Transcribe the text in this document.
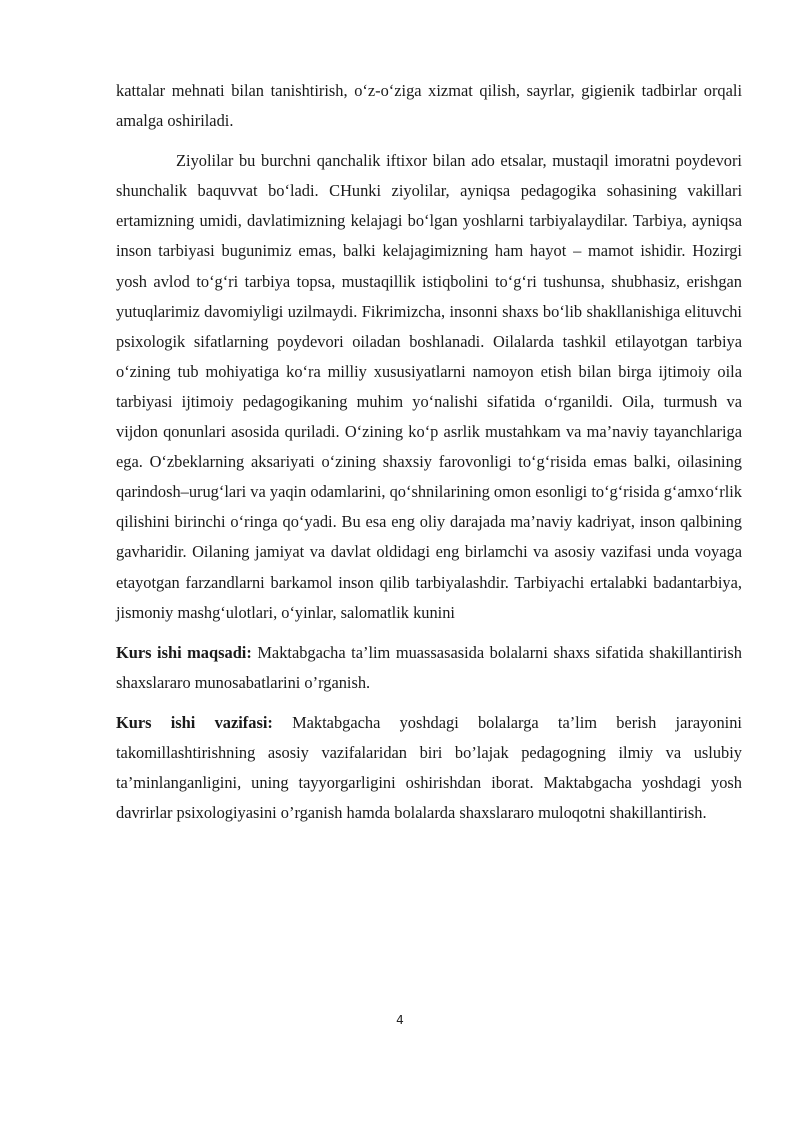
kattalar mehnati bilan tanishtirish, o‘z-o‘ziga xizmat qilish, sayrlar, gigienik tadbirlar orqali amalga oshiriladi.

Ziyolilar bu burchni qanchalik iftixor bilan ado etsalar, mustaqil imoratni poydevori shunchalik baquvvat bo‘ladi. CHunki ziyolilar, ayniqsa pedagogika sohasining vakillari ertamizning umidi, davlatimizning kelajagi bo‘lgan yoshlarni tarbiyalaydilar. Tarbiya, ayniqsa inson tarbiyasi bugunimiz emas, balki kelajagimizning ham hayot – mamot ishidir. Hozirgi yosh avlod to‘g‘ri tarbiya topsa, mustaqillik istiqbolini to‘g‘ri tushunsa, shubhasiz, erishgan yutuqlarimiz davomiyligi uzilmaydi. Fikrimizcha, insonni shaxs bo‘lib shakllanishiga elituvchi psixologik sifatlarning poydevori oiladan boshlanadi. Oilalarda tashkil etilayotgan tarbiya o‘zining tub mohiyatiga ko‘ra milliy xususiyatlarni namoyon etish bilan birga ijtimoiy oila tarbiyasi ijtimoiy pedagogikaning muhim yo‘nalishi sifatida o‘rganildi. Oila, turmush va vijdon qonunlari asosida quriladi. O‘zining ko‘p asrlik mustahkam va ma’naviy tayanchlariga ega. O‘zbeklarning aksariyati o‘zining shaxsiy farovonligi to‘g‘risida emas balki, oilasining qarindosh–urug‘lari va yaqin odamlarini, qo‘shnilarining omon esonligi to‘g‘risida g‘amxo‘rlik qilishini birinchi o‘ringa qo‘yadi. Bu esa eng oliy darajada ma’naviy kadriyat, inson qalbining gavharidir. Oilaning jamiyat va davlat oldidagi eng birlamchi va asosiy vazifasi unda voyaga etayotgan farzandlarni barkamol inson qilib tarbiyalashdir. Tarbiyachi ertalabki badantarbiya, jismoniy mashg‘ulotlari, o‘yinlar, salomatlik kunini

Kurs ishi maqsadi: Maktabgacha ta’lim muassasasida bolalarni shaxs sifatida shakillantirish shaxslararo munosabatlarini o’rganish.

Kurs ishi vazifasi: Maktabgacha yoshdagi bolalarga ta’lim berish jarayonini takomillashtirishning asosiy vazifalaridan biri bo’lajak pedagogning ilmiy va uslubiy ta’minlanganligini, uning tayyorgarligini oshirishdan iborat. Maktabgacha yoshdagi yosh davrirlar psixologiyasini o’rganish hamda bolalarda shaxslararo muloqotni shakillantirish.

4
